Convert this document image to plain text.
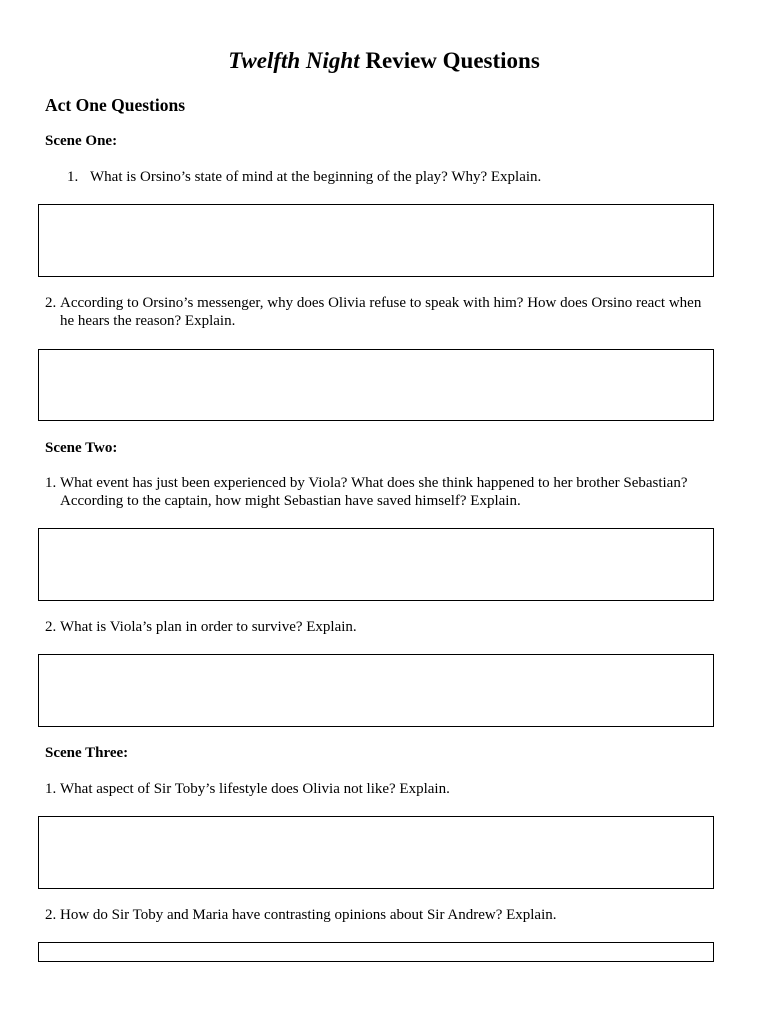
Twelfth Night Review Questions
Act One Questions
Scene One:
1. What is Orsino’s state of mind at the beginning of the play? Why? Explain.
2. According to Orsino’s messenger, why does Olivia refuse to speak with him? How does Orsino react when he hears the reason? Explain.
Scene Two:
1. What event has just been experienced by Viola? What does she think happened to her brother Sebastian? According to the captain, how might Sebastian have saved himself? Explain.
2. What is Viola’s plan in order to survive? Explain.
Scene Three:
1. What aspect of Sir Toby’s lifestyle does Olivia not like? Explain.
2. How do Sir Toby and Maria have contrasting opinions about Sir Andrew? Explain.
